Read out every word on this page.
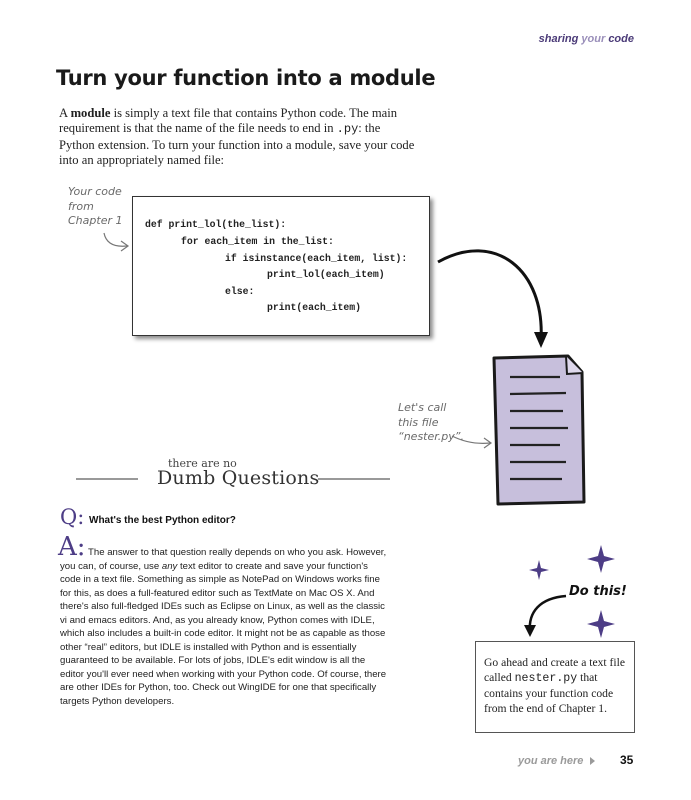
sharing your code
Turn your function into a module
A module is simply a text file that contains Python code. The main requirement is that the name of the file needs to end in .py: the Python extension. To turn your function into a module, save your code into an appropriately named file:
Your code
from
Chapter 1	def print_lol(the_list):
for each_item in the_list:
if isinstance(each_item, list):
print_lol(each_item)
else:
print(each_item)
Let's call
this file
“nester.py”.
there are no
Dumb Questions
Q: What's the best Python editor?
A: The answer to that question really depends on who you ask. However, you can, of course, use any text editor to create and save your function's code in a text file. Something as simple as NotePad on Windows works fine for this, as does a full-featured editor such as TextMate on Mac OS X. And there's also full-fledged IDEs such as Eclipse on Linux, as well as the classic vi and emacs editors. And, as you already know, Python comes with IDLE, which also includes a built-in code editor. It might not be as capable as those other “real” editors, but IDLE is installed with Python and is essentially guaranteed to be available. For lots of jobs, IDLE's edit window is all the editor you'll ever need when working with your Python code. Of course, there are other IDEs for Python, too. Check out WingIDE for one that specifically targets Python developers.
Do this!
Go ahead and create a text file called nester.py that contains your function code from the end of Chapter 1.
you are here	35
